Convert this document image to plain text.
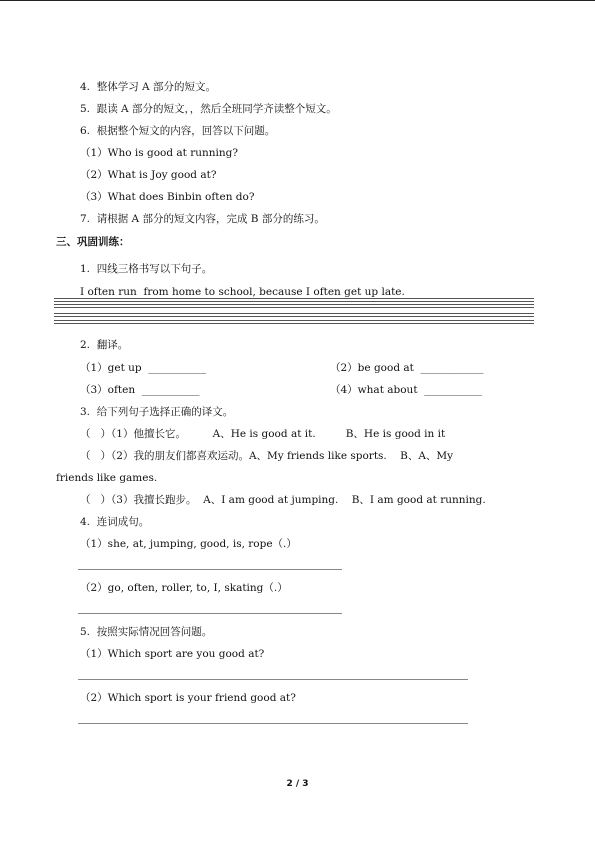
4.  整体学习 A 部分的短文。
5.  跟读 A 部分的短文，，然后全班同学齐读整个短文。
6.  根据整个短文的内容，回答以下问题。
（1）Who is good at running?
（2）What is Joy good at?
（3）What does Binbin often do?
7.  请根据 A 部分的短文内容，完成 B 部分的练习。
三、巩固训练：
1.  四线三格书写以下句子。
I often run  from home to school, because I often get up late.
2.  翻译。
（1）get up  ___________	（2）be good at  ____________
（3）often  ___________	（4）what about  ___________
3.  给下列句子选择正确的译文。
（   ）（1）他擅长它。        A、He is good at it.         B、He is good in it
（   ）（2）我的朋友们都喜欢运动。A、My friends like sports.    B、A、My
friends like games.
（   ）（3）我擅长跑步。  A、I am good at jumping.    B、I am good at running.
4.  连词成句。
（1）she, at, jumping, good, is, rope（.）
（2）go, often, roller, to, I, skating（.）
5.  按照实际情况回答问题。
（1）Which sport are you good at?
（2）Which sport is your friend good at?
2 / 3
